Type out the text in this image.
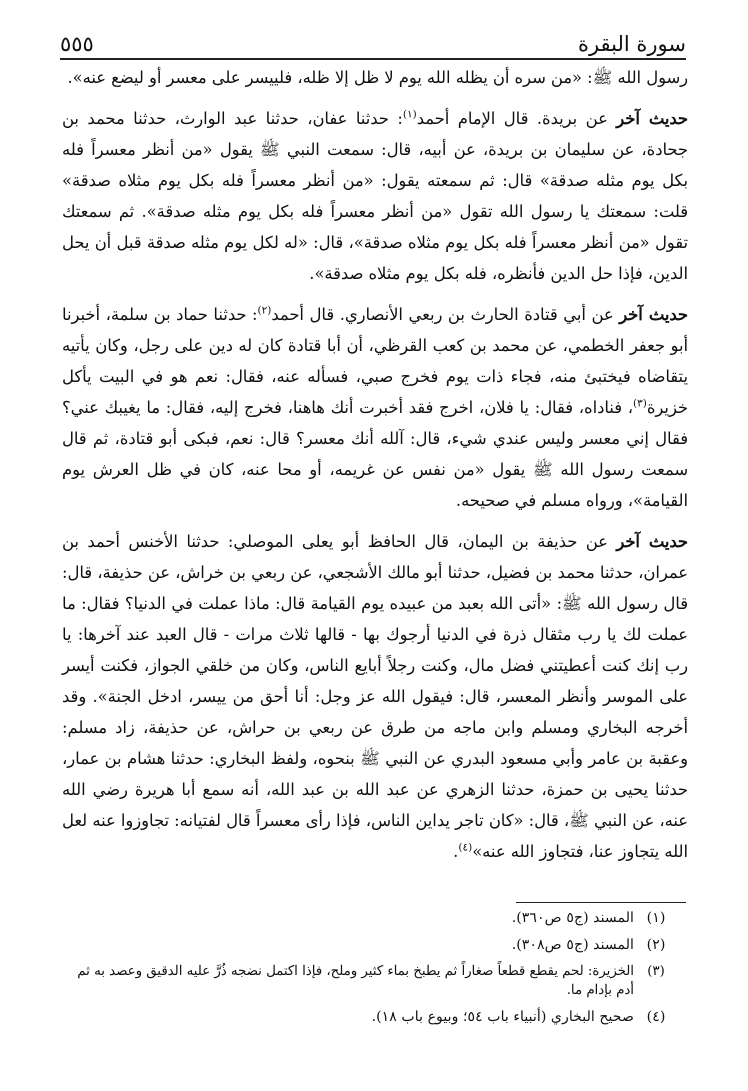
٥٥٥	سورة البقرة

رسول الله ﷺ: «من سره أن يظله الله يوم لا ظل إلا ظله، فلييسر على معسر أو ليضع عنه».

حديث آخر عن بريدة. قال الإمام أحمد$^{(١)}$: حدثنا عفان، حدثنا عبد الوارث، حدثنا محمد بن جحادة، عن سليمان بن بريدة، عن أبيه، قال: سمعت النبي ﷺ يقول «من أنظر معسراً فله بكل يوم مثله صدقة» قال: ثم سمعته يقول: «من أنظر معسراً فله بكل يوم مثلاه صدقة» قلت: سمعتك يا رسول الله تقول «من أنظر معسراً فله بكل يوم مثله صدقة». ثم سمعتك تقول «من أنظر معسراً فله بكل يوم مثلاه صدقة»، قال: «له لكل يوم مثله صدقة قبل أن يحل الدين، فإذا حل الدين فأنظره، فله بكل يوم مثلاه صدقة».

حديث آخر عن أبي قتادة الحارث بن ربعي الأنصاري. قال أحمد$^{(٢)}$: حدثنا حماد بن سلمة، أخبرنا أبو جعفر الخطمي، عن محمد بن كعب القرظي، أن أبا قتادة كان له دين على رجل، وكان يأتيه يتقاضاه فيختبئ منه، فجاء ذات يوم فخرج صبي، فسأله عنه، فقال: نعم هو في البيت يأكل خزيرة$^{(٣)}$، فناداه، فقال: يا فلان، اخرج فقد أخبرت أنك هاهنا، فخرج إليه، فقال: ما يغيبك عني؟ فقال إني معسر وليس عندي شيء، قال: آلله أنك معسر؟ قال: نعم، فبكى أبو قتادة، ثم قال سمعت رسول الله ﷺ يقول «من نفس عن غريمه، أو محا عنه، كان في ظل العرش يوم القيامة»، ورواه مسلم في صحيحه.

حديث آخر عن حذيفة بن اليمان، قال الحافظ أبو يعلى الموصلي: حدثنا الأخنس أحمد بن عمران، حدثنا محمد بن فضيل، حدثنا أبو مالك الأشجعي، عن ربعي بن خراش، عن حذيفة، قال: قال رسول الله ﷺ: «أتى الله بعبد من عبيده يوم القيامة قال: ماذا عملت في الدنيا؟ فقال: ما عملت لك يا رب مثقال ذرة في الدنيا أرجوك بها - قالها ثلاث مرات - قال العبد عند آخرها: يا رب إنك كنت أعطيتني فضل مال، وكنت رجلاً أبايع الناس، وكان من خلقي الجواز، فكنت أيسر على الموسر وأنظر المعسر، قال: فيقول الله عز وجل: أنا أحق من ييسر، ادخل الجنة». وقد أخرجه البخاري ومسلم وابن ماجه من طرق عن ربعي بن حراش، عن حذيفة، زاد مسلم: وعقبة بن عامر وأبي مسعود البدري عن النبي ﷺ بنحوه، ولفظ البخاري: حدثنا هشام بن عمار، حدثنا يحيى بن حمزة، حدثنا الزهري عن عبد الله بن عبد الله، أنه سمع أبا هريرة رضي الله عنه، عن النبي ﷺ، قال: «كان تاجر يداين الناس، فإذا رأى معسراً قال لفتيانه: تجاوزوا عنه لعل الله يتجاوز عنا، فتجاوز الله عنه»$^{(٤)}$.

(١)
المسند (ج٥ ص٣٦٠).
(٢)
المسند (ج٥ ص٣٠٨).
(٣)
الخزيرة: لحم يقطع قطعاً صغاراً ثم يطبخ بماء كثير وملح، فإذا اكتمل نضجه ذُرَّ عليه الدقيق وعصد به ثم أدم بإدام ما.
(٤)
صحيح البخاري (أنبياء باب ٥٤؛ وبيوع باب ١٨).
